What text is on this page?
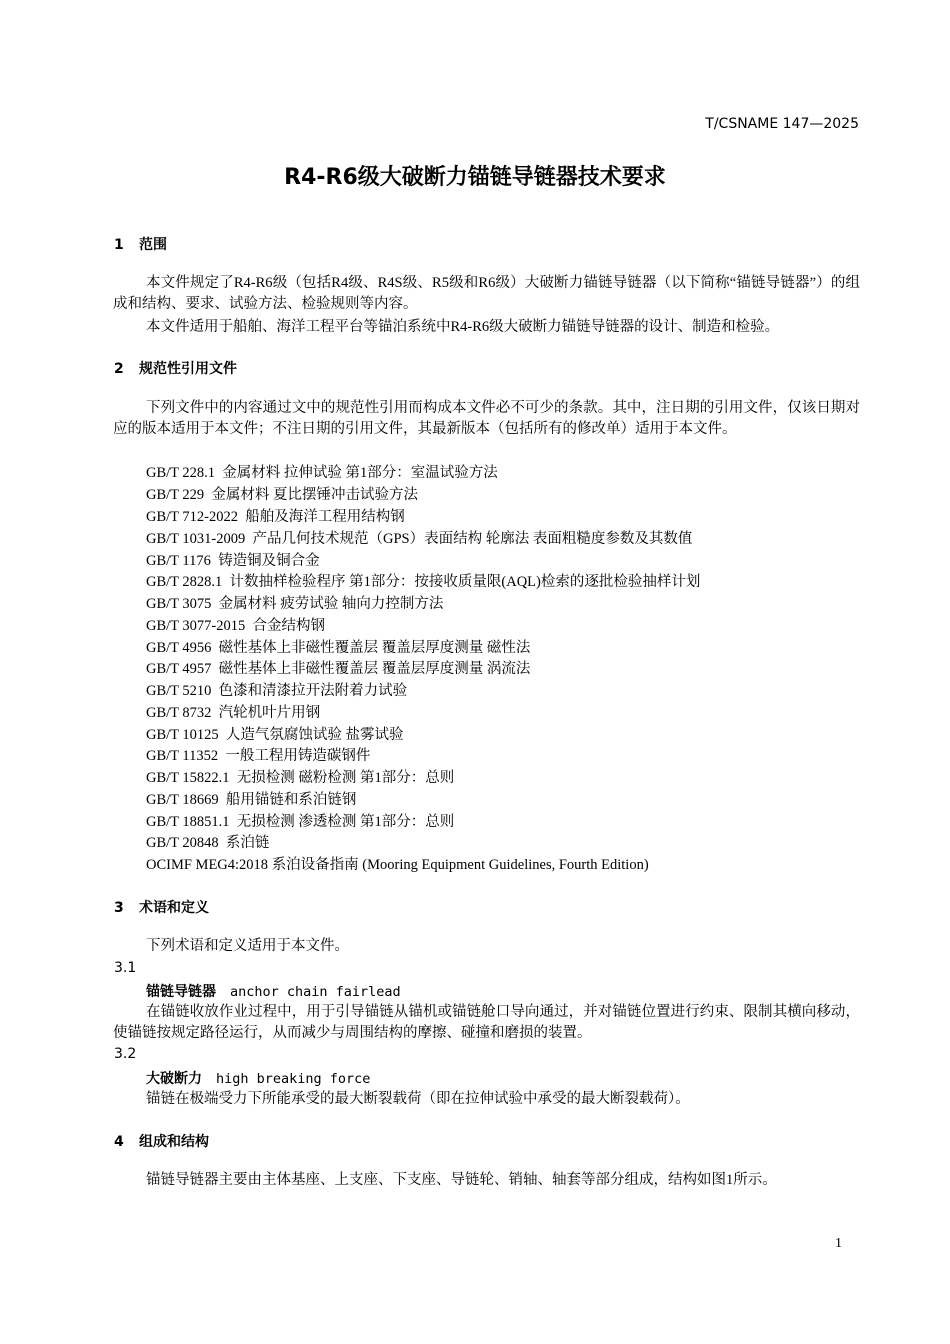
T/CSNAME 147—2025
R4-R6级大破断力锚链导链器技术要求
1 范围
本文件规定了R4-R6级（包括R4级、R4S级、R5级和R6级）大破断力锚链导链器（以下简称“锚链导链器”）的组成和结构、要求、试验方法、检验规则等内容。
本文件适用于船舶、海洋工程平台等锚泊系统中R4-R6级大破断力锚链导链器的设计、制造和检验。
2 规范性引用文件
下列文件中的内容通过文中的规范性引用而构成本文件必不可少的条款。其中，注日期的引用文件，仅该日期对应的版本适用于本文件；不注日期的引用文件，其最新版本（包括所有的修改单）适用于本文件。
GB/T 228.1 金属材料 拉伸试验 第1部分：室温试验方法
GB/T 229 金属材料 夏比摆锤冲击试验方法
GB/T 712-2022 船舶及海洋工程用结构钢
GB/T 1031-2009 产品几何技术规范（GPS）表面结构 轮廓法 表面粗糙度参数及其数值
GB/T 1176 铸造铜及铜合金
GB/T 2828.1 计数抽样检验程序 第1部分：按接收质量限(AQL)检索的逐批检验抽样计划
GB/T 3075 金属材料 疲劳试验 轴向力控制方法
GB/T 3077-2015 合金结构钢
GB/T 4956 磁性基体上非磁性覆盖层 覆盖层厚度测量 磁性法
GB/T 4957 磁性基体上非磁性覆盖层 覆盖层厚度测量 涡流法
GB/T 5210 色漆和清漆拉开法附着力试验
GB/T 8732 汽轮机叶片用钢
GB/T 10125 人造气氛腐蚀试验 盐雾试验
GB/T 11352 一般工程用铸造碳钢件
GB/T 15822.1 无损检测 磁粉检测 第1部分：总则
GB/T 18669 船用锚链和系泊链钢
GB/T 18851.1 无损检测 渗透检测 第1部分：总则
GB/T 20848 系泊链
OCIMF MEG4:2018 系泊设备指南 (Mooring Equipment Guidelines, Fourth Edition)
3 术语和定义
下列术语和定义适用于本文件。
3.1
锚链导链器 anchor chain fairlead
在锚链收放作业过程中，用于引导锚链从锚机或锚链舱口导向通过，并对锚链位置进行约束、限制其横向移动，使锚链按规定路径运行，从而减少与周围结构的摩擦、碰撞和磨损的装置。
3.2
大破断力 high breaking force
锚链在极端受力下所能承受的最大断裂载荷（即在拉伸试验中承受的最大断裂载荷）。
4 组成和结构
锚链导链器主要由主体基座、上支座、下支座、导链轮、销轴、轴套等部分组成，结构如图1所示。
1
